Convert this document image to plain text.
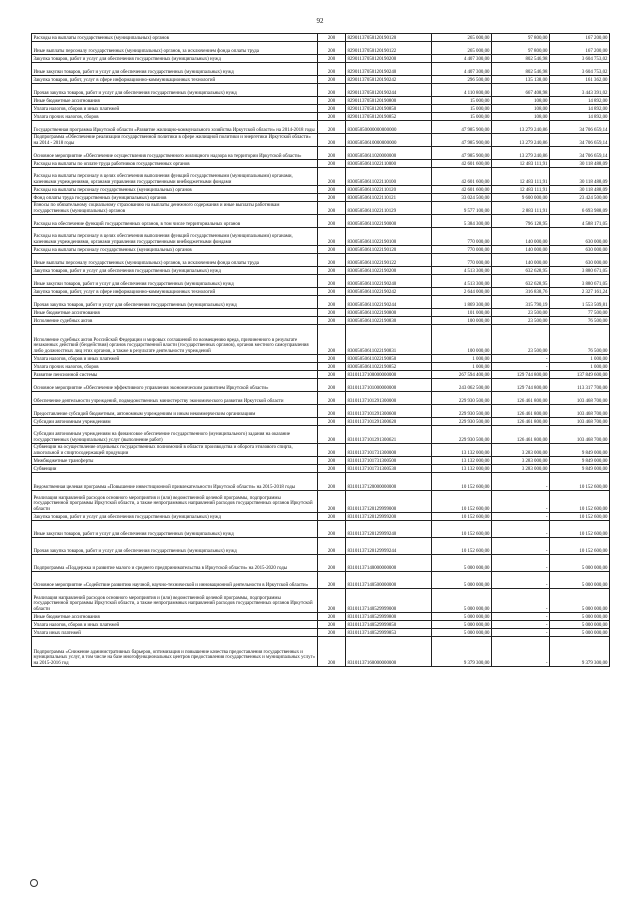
92
Расходы на выплаты государственных (муниципальных) органов	200	82901137050120190120	265 000,00	97 800,00	167 200,00
Иные выплаты персоналу государственных (муниципальных) органов, за исключением фонда оплаты труда	200	82901137050120190122	265 000,00	97 800,00	167 200,00
Закупка товаров, работ и услуг для обеспечения государственных (муниципальных) нужд	200	82901137050120190200	4 407 300,00	802 546,98	3 604 753,02
Иные закупки товаров, работ и услуг для обеспечения государственных (муниципальных) нужд	200	82901137050120190240	4 407 300,00	802 546,98	3 604 753,02
Закупка товаров, работ, услуг в сфере информационно-коммуникационных технологий	200	82901137050120190242	296 500,00	135 138,00	161 362,00
Прочая закупка товаров, работ и услуг для обеспечения государственных (муниципальных) нужд	200	82901137050120190244	4 110 800,00	667 408,98	3 443 391,02
Иные бюджетные ассигнования	200	82901137050120190800	15 000,00	108,00	14 892,00
Уплата налогов, сборов и иных платежей	200	82901137050120190850	15 000,00	108,00	14 892,00
Уплата прочих налогов, сборов	200	82901137050120190852	15 000,00	108,00	14 892,00
Государственная программа Иркутской области «Развитие жилищно-коммунального хозяйства Иркутской области» на 2014-2018 годы	200	83005050000000000000	47 985 900,00	13 279 240,86	34 706 659,14
Подпрограмма «Обеспечение реализации государственной политики в сфере жилищной политики и энергетики Иркутской области» на 2014 - 2018 годы	200	83005050610000000000	47 985 900,00	13 279 240,86	34 706 659,14
Основное мероприятие «Обеспечение осуществления государственного жилищного надзора на территории Иркутской области»	200	83005050611020000000	47 985 900,00	13 279 240,86	34 706 659,14
Расходы на выплаты по оплате труда работников государственных органов	200	83005050611022110000	42 601 600,00	12 483 111,91	30 118 488,09
Расходы на выплаты персоналу в целях обеспечения выполнения функций государственными (муниципальными) органами, казенными учреждениями, органами управления государственными внебюджетными фондами	200	83005050611022110100	42 601 600,00	12 483 111,91	30 118 488,09
Расходы на выплаты персоналу государственных (муниципальных) органов	200	83005050611022110120	42 601 600,00	12 483 111,91	30 118 488,09
Фонд оплаты труда государственных (муниципальных) органов	200	83005050611022110121	33 024 500,00	9 600 000,00	23 424 500,00
Взносы по обязательному социальному страхованию на выплаты денежного содержания и иные выплаты работникам государственных (муниципальных) органов	200	83005050611022110129	9 577 100,00	2 883 111,91	6 693 988,09
Расходы на обеспечение функций государственных органов, в том числе территориальных органов	200	83005050611022190000	5 384 300,00	796 128,95	4 588 171,05
Расходы на выплаты персоналу в целях обеспечения выполнения функций государственными (муниципальными) органами, казенными учреждениями, органами управления государственными внебюджетными фондами	200	83005050611022190100	770 000,00	140 000,00	630 000,00
Расходы на выплаты персоналу государственных (муниципальных) органов	200	83005050611022190120	770 000,00	140 000,00	630 000,00
Иные выплаты персоналу государственных (муниципальных) органов, за исключением фонда оплаты труда	200	83005050611022190122	770 000,00	140 000,00	630 000,00
Закупка товаров, работ и услуг для обеспечения государственных (муниципальных) нужд	200	83005050611022190200	4 513 300,00	632 628,95	3 880 671,05
Иные закупки товаров, работ и услуг для обеспечения государственных (муниципальных) нужд	200	83005050611022190240	4 513 300,00	632 628,95	3 880 671,05
Закупка товаров, работ, услуг в сфере информационно-коммуникационных технологий	200	83005050611022190242	2 644 000,00	316 838,76	2 327 161,24
Прочая закупка товаров, работ и услуг для обеспечения государственных (муниципальных) нужд	200	83005050611022190244	1 869 300,00	315 790,19	1 553 509,81
Иные бюджетные ассигнования	200	83005050611022190800	101 000,00	23 500,00	77 500,00
Исполнение судебных актов	200	83005050611022190830	100 000,00	23 500,00	76 500,00
Исполнение судебных актов Российской Федерации и мировых соглашений по возмещению вреда, причиненного в результате незаконных действий (бездействия) органов государственной власти (государственных органов), органов местного самоуправления либо должностных лиц этих органов, а также в результате деятельности учреждений	200	83005050611022190831	100 000,00	23 500,00	76 500,00
Уплата налогов, сборов и иных платежей	200	83005050611022190850	1 000,00	-	1 000,00
Уплата прочих налогов, сборов	200	83005050611022190852	1 000,00	-	1 000,00
Развитие пенсионной системы	200	83101137100000000000	267 594 400,00	129 744 800,00	137 849 600,00
Основное мероприятие «Обеспечение эффективного управления экономическим развитием Иркутской области»	200	83101137101000000000	243 062 500,00	129 744 800,00	113 317 700,00
Обеспечение деятельности учреждений, подведомственных министерству экономического развития Иркутской области	200	83101137101291300000	229 930 500,00	126 461 800,00	103 468 700,00
Предоставление субсидий бюджетным, автономным учреждениям и иным некоммерческим организациям	200	83101137101291300600	229 930 500,00	126 461 800,00	103 468 700,00
Субсидии автономным учреждениям	200	83101137101291300620	229 930 500,00	126 461 800,00	103 468 700,00
Субсидии автономным учреждениям на финансовое обеспечение государственного (муниципального) задания на оказание государственных (муниципальных) услуг (выполнение работ)	200	83101137101291300621	229 930 500,00	126 461 800,00	103 468 700,00
Субвенции на осуществление отдельных государственных полномочий в области производства и оборота этилового спирта, алкогольной и спиртосодержащей продукции	200	83101137101731300000	13 132 000,00	3 283 000,00	9 849 000,00
Межбюджетные трансферты	200	83101137101731300500	13 132 000,00	3 283 000,00	9 849 000,00
Субвенции	200	83101137101731300530	13 132 000,00	3 283 000,00	9 849 000,00
Ведомственная целевая программа «Повышение инвестиционной привлекательности Иркутской области» на 2015-2018 годы	200	83101137120000000000	10 152 600,00	-	10 152 600,00
Реализация направлений расходов основного мероприятия и (или) ведомственной целевой программы, подпрограммы государственной программы Иркутской области, а также непрограммных направлений расходов государственных органов Иркутской области	200	83101137120129999000	10 152 600,00	-	10 152 600,00
Закупка товаров, работ и услуг для обеспечения государственных (муниципальных) нужд	200	83101137120129999200	10 152 600,00	-	10 152 600,00
Иные закупки товаров, работ и услуг для обеспечения государственных (муниципальных) нужд	200	83101137120129999240	10 152 600,00	-	10 152 600,00
Прочая закупка товаров, работ и услуг для обеспечения государственных (муниципальных) нужд	200	83101137120129999244	10 152 600,00	-	10 152 600,00
Подпрограмма «Поддержка и развитие малого и среднего предпринимательства в Иркутской области» на 2015-2020 годы	200	83101137140000000000	5 000 000,00	-	5 000 000,00
Основное мероприятие «Содействие развитию научной, научно-технической и инновационной деятельности в Иркутской области»	200	83101137140500000000	5 000 000,00	-	5 000 000,00
Реализация направлений расходов основного мероприятия и (или) ведомственной целевой программы, подпрограммы государственной программы Иркутской области, а также непрограммных направлений расходов государственных органов Иркутской области	200	83101137140529999000	5 000 000,00	-	5 000 000,00
Иные бюджетные ассигнования	200	83101137140529999800	5 000 000,00	-	5 000 000,00
Уплата налогов, сборов и иных платежей	200	83101137140529999850	5 000 000,00	-	5 000 000,00
Уплата иных платежей	200	83101137140529999853	5 000 000,00	-	5 000 000,00
Подпрограмма «Снижение административных барьеров, оптимизация и повышение качества предоставления государственных и муниципальных услуг, в том числе на базе многофункциональных центров предоставления государственных и муниципальных услуг» на 2015-2016 год	200	83101137160000000000	9 379 300,00	-	9 379 300,00
